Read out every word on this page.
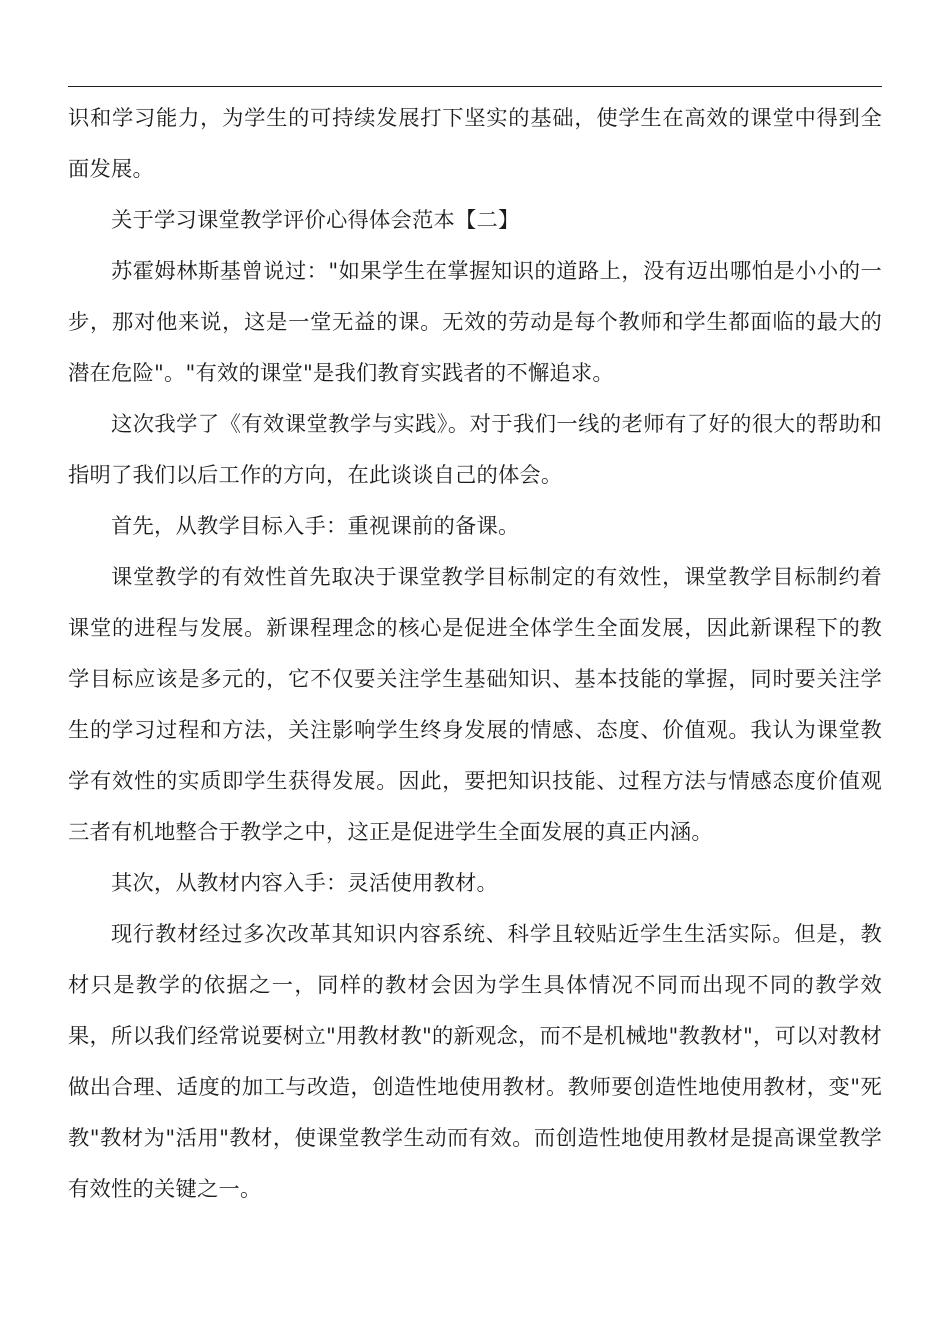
识和学习能力，为学生的可持续发展打下坚实的基础，使学生在高效的课堂中得到全面发展。

关于学习课堂教学评价心得体会范本【二】

苏霍姆林斯基曾说过："如果学生在掌握知识的道路上，没有迈出哪怕是小小的一步，那对他来说，这是一堂无益的课。无效的劳动是每个教师和学生都面临的最大的潜在危险"。"有效的课堂"是我们教育实践者的不懈追求。

这次我学了《有效课堂教学与实践》。对于我们一线的老师有了好的很大的帮助和指明了我们以后工作的方向，在此谈谈自己的体会。

首先，从教学目标入手：重视课前的备课。

课堂教学的有效性首先取决于课堂教学目标制定的有效性，课堂教学目标制约着课堂的进程与发展。新课程理念的核心是促进全体学生全面发展，因此新课程下的教学目标应该是多元的，它不仅要关注学生基础知识、基本技能的掌握，同时要关注学生的学习过程和方法，关注影响学生终身发展的情感、态度、价值观。我认为课堂教学有效性的实质即学生获得发展。因此，要把知识技能、过程方法与情感态度价值观三者有机地整合于教学之中，这正是促进学生全面发展的真正内涵。

其次，从教材内容入手：灵活使用教材。

现行教材经过多次改革其知识内容系统、科学且较贴近学生生活实际。但是，教材只是教学的依据之一，同样的教材会因为学生具体情况不同而出现不同的教学效果，所以我们经常说要树立"用教材教"的新观念，而不是机械地"教教材"，可以对教材做出合理、适度的加工与改造，创造性地使用教材。教师要创造性地使用教材，变"死教"教材为"活用"教材，使课堂教学生动而有效。而创造性地使用教材是提高课堂教学有效性的关键之一。
